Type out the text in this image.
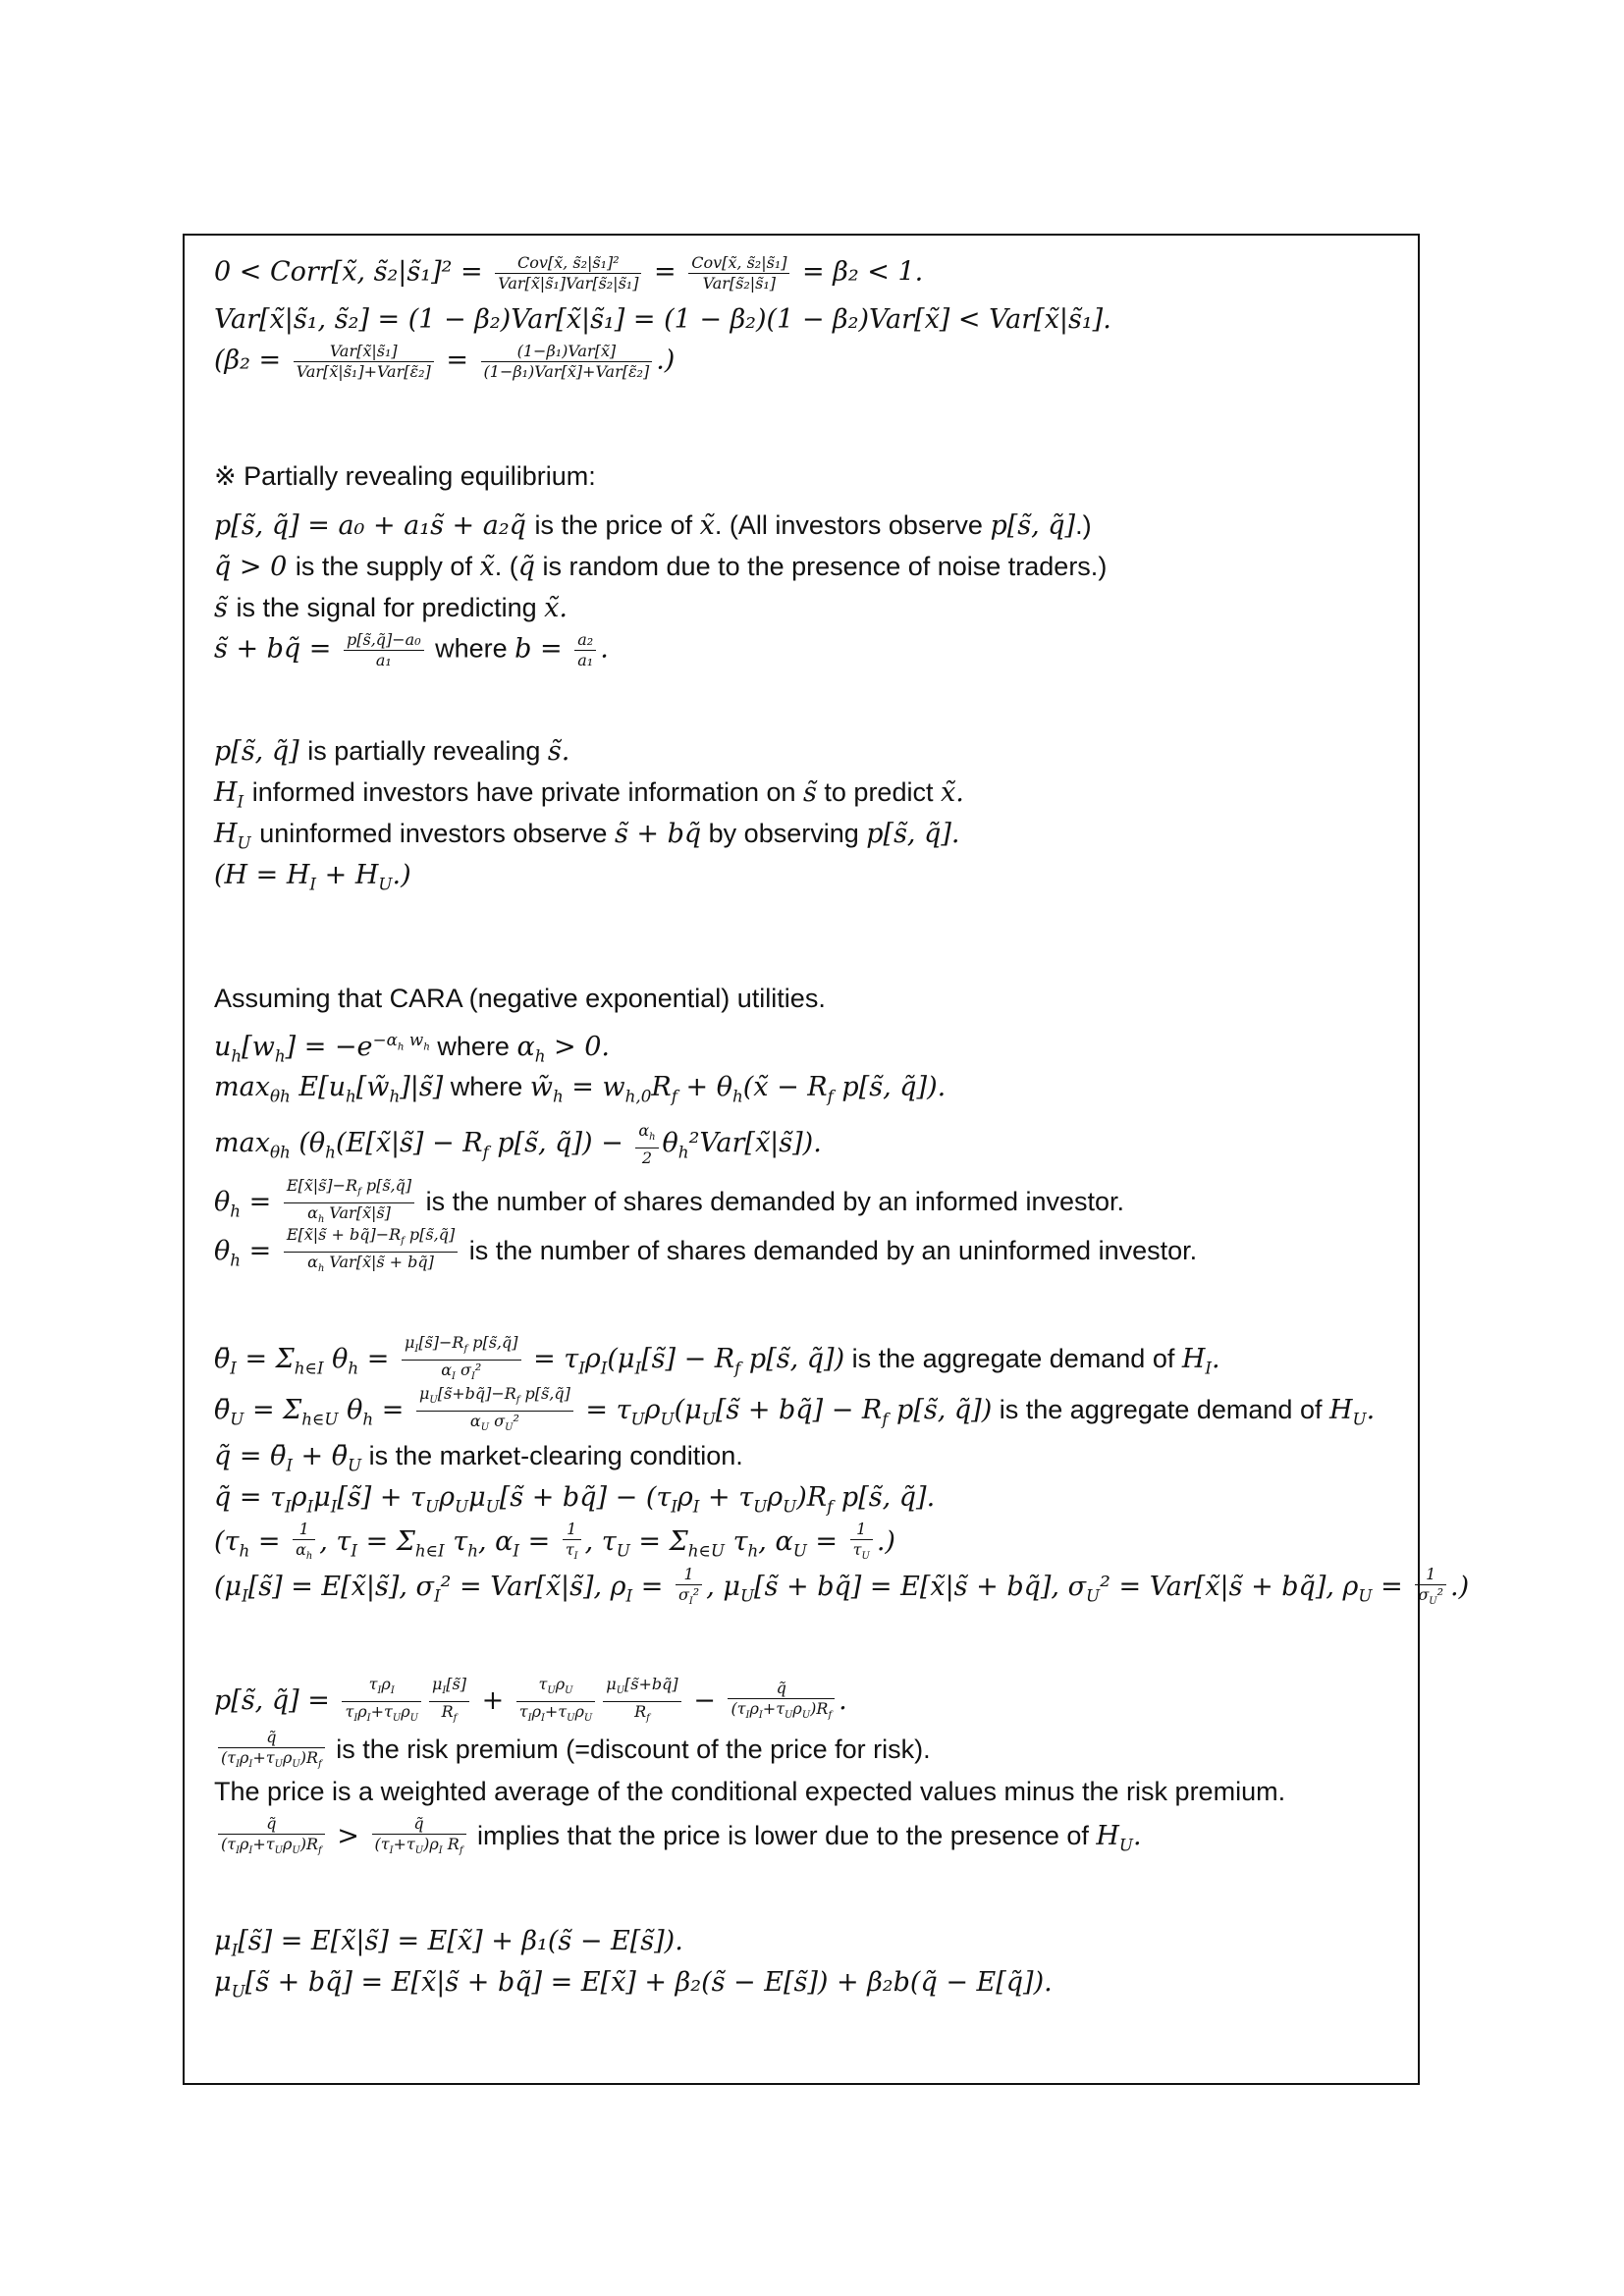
0 < Corr[x̃, s̃₂|s̃₁]² = $\frac{\text{Cov[x̃, s̃₂|s̃₁]²}}{\text{Var[x̃|s̃₁]Var[s̃₂|s̃₁]}} = \frac{\text{Cov[x̃, s̃₂|s̃₁]}}{\text{Var[s̃₂|s̃₁]}} = \beta_2 < 1$.
Var[x̃|s̃₁, s̃₂] = (1 − β₂)Var[x̃|s̃₁] = (1 − β₂)(1 − β₂)Var[x̃] < Var[x̃|s̃₁].
($\beta_2 = \frac{\text{Var[x̃|s̃₁]}}{\text{Var[x̃|s̃₁]+Var[ε̃₂]}} = \frac{\text{(1−β₁)Var[x̃]}}{\text{(1−β₁)Var[x̃]+Var[ε̃₂]}}$ .)
※ Partially revealing equilibrium:
p[s̃, q̃] = a₀ + a₁s̃ + a₂q̃ is the price of x̃. (All investors observe p[s̃, q̃].)
q̃ > 0 is the supply of x̃. (q̃ is random due to the presence of noise traders.)
s̃ is the signal for predicting x̃.
s̃ + bq̃ = $\frac{\text{p[s̃,q̃]−a₀}}{\text{a₁}}$ where $b = \frac{\text{a₂}}{\text{a₁}}$ .
p[s̃, q̃] is partially revealing s̃.
$H_I$ informed investors have private information on s̃ to predict x̃.
$H_U$ uninformed investors observe s̃ + bq̃ by observing p[s̃, q̃].
$(H = H_I + H_U.)$
Assuming that CARA (negative exponential) utilities.
$u_h[w_h] = -e^{-\alpha_h w_h}$ where $\alpha_h > 0$.
$\max_{\theta h}$ $E[u_h[w̃_h]|s̃]$ where $w̃_h = w_{h,0}R_f$ + $\theta_h(x̃ - R_f$ p[s̃, q̃]).
$\max_{\theta h}$ ($\theta_h(E[x̃|s̃] - R_f$ p[s̃, q̃]) − $\frac{\alpha_h}{2}$ $\theta_h^2Var[x̃|s̃]$).
$\theta_h = \frac{E[x̃|s̃]-R_f p[s̃,q̃]}{\alpha_h Var[x̃|s̃]}$ is the number of shares demanded by an informed investor.
$\theta_h = \frac{E[x̃|s̃ + bq̃]-R_f p[s̃,q̃]}{\alpha_h Var[x̃|s̃ + bq̃]}$ is the number of shares demanded by an uninformed investor.
$\thetā_I = \Sigma_{h\in I}$ $\theta_h = \frac{\mu_I[s̃]-R_f p[s̃,q̃]}{\alpha_I \sigma_I^2}$ = $\tau_I\rho_I(\mu_I[s̃] - R_f$ p[s̃, q̃]) is the aggregate demand of $H_I$.
$\thetā_U = \Sigma_{h\in U}$ $\theta_h = \frac{\mu_U[s̃+bq̃]-R_f p[s̃,q̃]}{\alpha_U \sigma_U^2}$ = $\tau_U\rho_U(\mu_U[s̃$ + bq̃] − $R_f$ p[s̃, q̃]) is the aggregate demand of $H_U$.
q̃ = $\thetā_I$ + $\thetā_U$ is the market-clearing condition.
q̃ = $\tau_I\rho_I\mu_I[s̃]$ + $\tau_U\rho_U\mu_U[s̃$ + bq̃] − $(\tau_I\rho_I + \tau_U\rho_U)R_f$ p[s̃, q̃].
($\tau_h = \frac{1}{\alpha_h}$ , $\tau_I = \Sigma_{h\in I}$ $\tau_h$, $\alpha_I = \frac{1}{\tau_I}$ , $\tau_U = \Sigma_{h\in U}$ $\tau_h$, $\alpha_U = \frac{1}{\tau_U}$ .)
($\mu_I[s̃]$ = E[x̃|s̃], $\sigma_I^2$ = Var[x̃|s̃], $\rho_I = \frac{1}{\sigma_I^2}$ , $\mu_U[s̃$ + bq̃] = E[x̃|s̃ + bq̃], $\sigma_U^2$ = Var[x̃|s̃ + bq̃], $\rho_U = \frac{1}{\sigma_U^2}$ .)
p[s̃, q̃] = $\frac{\tau_I\rho_I}{\tau_I\rho_I+\tau_U\rho_U} \frac{\mu_I[s̃]}{R_f} + \frac{\tau_U\rho_U}{\tau_I\rho_I+\tau_U\rho_U} \frac{\mu_U[s̃+bq̃]}{R_f} - \frac{q̃}{(\tau_I\rho_I+\tau_U\rho_U)R_f}$ .
$\frac{q̃}{(\tau_I\rho_I+\tau_U\rho_U)R_f}$ is the risk premium (=discount of the price for risk).
The price is a weighted average of the conditional expected values minus the risk premium.
$\frac{q̃}{(\tau_I\rho_I+\tau_U\rho_U)R_f} > \frac{q̃}{(\tau_I+\tau_U)\rho_I R_f}$ implies that the price is lower due to the presence of $H_U$.
$\mu_I[s̃]$ = E[x̃|s̃] = E[x̃] + β₁(s̃ − E[s̃]).
$\mu_U[s̃$ + bq̃] = E[x̃|s̃ + bq̃] = E[x̃] + β₂(s̃ − E[s̃]) + β₂b(q̃ − E[q̃]).
